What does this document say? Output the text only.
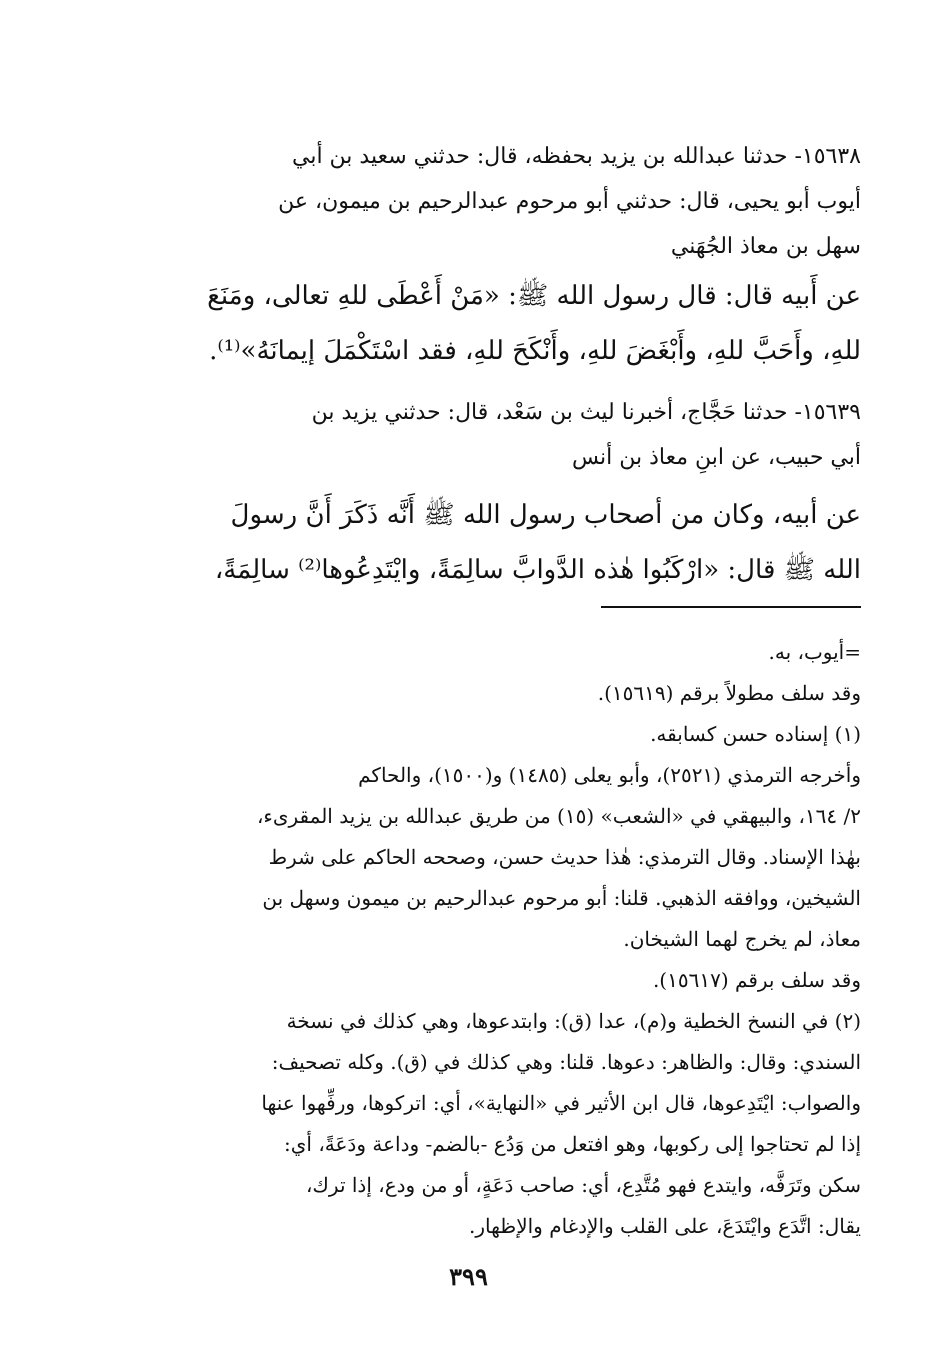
١٥٦٣٨- حدثنا عبدالله بن يزيد بحفظه، قال: حدثني سعيد بن أبي
أيوب أبو يحيى، قال: حدثني أبو مرحوم عبدالرحيم بن ميمون، عن
سهل بن معاذ الجُهَني
عن أَبيه قال: قال رسول الله ﷺ: «مَنْ أَعْطَى للهِ تعالى، ومَنَعَ
للهِ، وأَحَبَّ للهِ، وأَبْغَضَ للهِ، وأَنْكَحَ للهِ، فقد اسْتَكْمَلَ إيمانَهُ»⁽¹⁾.
١٥٦٣٩- حدثنا حَجَّاج، أخبرنا ليث بن سَعْد، قال: حدثني يزيد بن
أبي حبيب، عن ابنِ معاذ بن أنس
عن أبيه، وكان من أصحاب رسول الله ﷺ أَنَّه ذَكَرَ أَنَّ رسولَ
الله ﷺ قال: «ارْكَبُوا هٰذه الدَّوابَّ سالِمَةً، وايْتَدِعُوها⁽²⁾ سالِمَةً،
=أيوب، به.
وقد سلف مطولاً برقم (١٥٦١٩).
(١) إسناده حسن كسابقه.
وأخرجه الترمذي (٢٥٢١)، وأبو يعلى (١٤٨٥) و(١٥٠٠)، والحاكم
٢/ ١٦٤، والبيهقي في «الشعب» (١٥) من طريق عبدالله بن يزيد المقرىء،
بهٰذا الإسناد. وقال الترمذي: هٰذا حديث حسن، وصححه الحاكم على شرط
الشيخين، ووافقه الذهبي. قلنا: أبو مرحوم عبدالرحيم بن ميمون وسهل بن
معاذ، لم يخرج لهما الشيخان.
وقد سلف برقم (١٥٦١٧).
(٢) في النسخ الخطية و(م)، عدا (ق): وابتدعوها، وهي كذلك في نسخة
السندي: وقال: والظاهر: دعوها. قلنا: وهي كذلك في (ق). وكله تصحيف:
والصواب: ايْتَدِعوها، قال ابن الأثير في «النهاية»، أي: اتركوها، ورفِّهوا عنها
إذا لم تحتاجوا إلى ركوبها، وهو افتعل من وَدُع -بالضم- وداعة ودَعَةً، أي:
سكن وتَرَفَّه، وايتدع فهو مُتَّدِع، أي: صاحب دَعَةٍ، أو من ودع، إذا ترك،
يقال: اتَّدَع وايْتَدَعَ، على القلب والإدغام والإظهار.
٣٩٩
